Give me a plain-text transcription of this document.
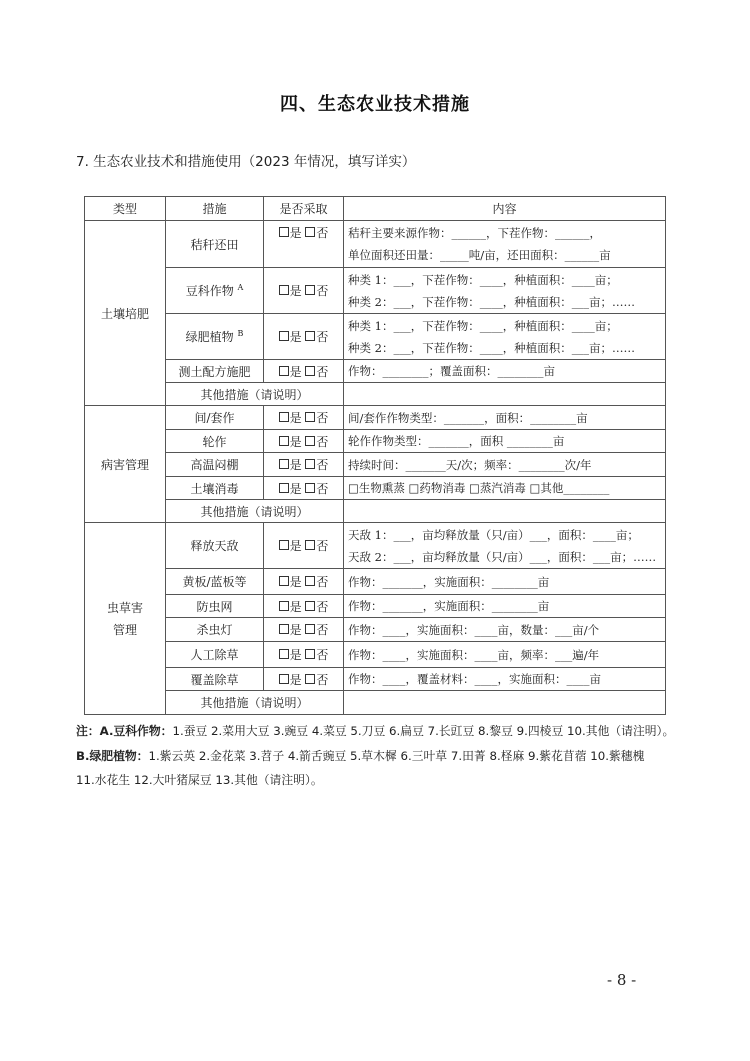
四、生态农业技术措施
7. 生态农业技术和措施使用（2023 年情况，填写详实）
类型	措施	是否采取	内容
土壤培肥	秸秆还田	是 否	秸秆主要来源作物：______，下茬作物：______，
单位面积还田量：_____吨/亩，还田面积：______亩

	豆科作物 $^A$	是 否	种类 1：___，下茬作物：____，种植面积：____亩；
种类 2：___，下茬作物：____，种植面积：___亩；……

	绿肥植物 $^B$	是 否	种类 1：___，下茬作物：____，种植面积：____亩；
种类 2：___，下茬作物：____，种植面积：___亩；……

	测土配方施肥	是 否	作物：________；覆盖面积：________亩

	其他措施（请说明）		
病害管理	间/套作	是 否	间/套作作物类型：_______，面积：________亩

	轮作	是 否	轮作作物类型：_______，面积 ________亩

	高温闷棚	是 否	持续时间：_______天/次；频率：________次/年

	土壤消毒	是 否	□生物熏蒸 □药物消毒 □蒸汽消毒 □其他________

	其他措施（请说明）		

虫草害
管理
	释放天敌	是 否	
天敌 1：___，亩均释放量（只/亩）___，面积：____亩；
天敌 2：___，亩均释放量（只/亩）___，面积：___亩；……

	黄板/蓝板等	是 否	作物：_______，实施面积：________亩

	防虫网	是 否	作物：_______，实施面积：________亩

	杀虫灯	是 否	作物：____，实施面积：____亩，数量：___亩/个

	人工除草	是 否	作物：____，实施面积：____亩，频率：___遍/年

	覆盖除草	是 否	作物：____，覆盖材料：____，实施面积：____亩

	其他措施（请说明）		
注：A.豆科作物：1.蚕豆 2.菜用大豆 3.豌豆 4.菜豆 5.刀豆 6.扁豆 7.长豇豆 8.黎豆 9.四棱豆 10.其他（请注明）。
B.绿肥植物：1.紫云英 2.金花菜 3.苕子 4.箭舌豌豆 5.草木樨 6.三叶草 7.田菁 8.柽麻 9.紫花苜蓿 10.紫穗槐
11.水花生 12.大叶猪屎豆 13.其他（请注明）。
- 8 -
